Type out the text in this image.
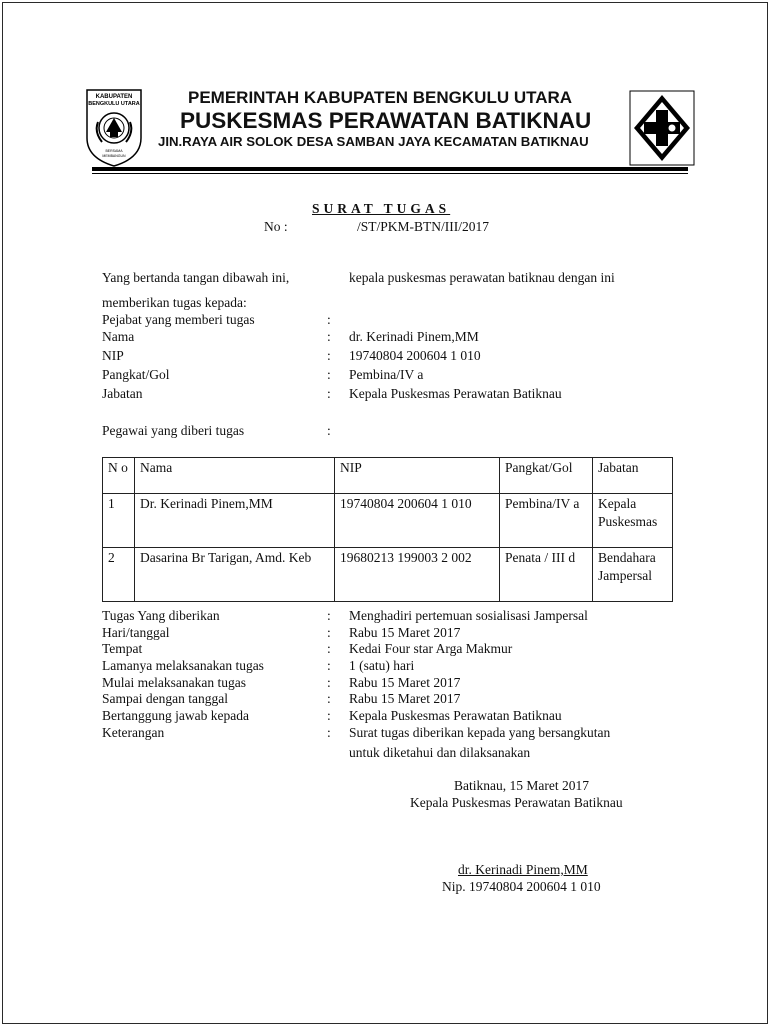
KABUPATEN
BENGKULU UTARA
BERSAMA
MEMBANGUN
PEMERINTAH KABUPATEN BENGKULU UTARA
PUSKESMAS PERAWATAN BATIKNAU
JIN.RAYA AIR SOLOK DESA SAMBAN JAYA KECAMATAN BATIKNAU
SURAT TUGAS
No :	/ST/PKM-BTN/III/2017
Yang bertanda tangan dibawah ini,	kepala puskesmas perawatan batiknau dengan ini
memberikan tugas kepada:
Pejabat yang memberi tugas	:
Nama	: dr. Kerinadi Pinem,MM
NIP	: 19740804 200604 1 010
Pangkat/Gol	: Pembina/IV a
Jabatan	: Kepala Puskesmas Perawatan Batiknau
Pegawai yang diberi tugas	:
N o	Nama	NIP	Pangkat/Gol	Jabatan
1	Dr. Kerinadi Pinem,MM	19740804 200604 1 010	Pembina/IV a	Kepala Puskesmas
2	Dasarina Br Tarigan, Amd. Keb	19680213 199003 2 002	Penata / III d	Bendahara Jampersal
Tugas Yang diberikan	: Menghadiri pertemuan sosialisasi Jampersal
Hari/tanggal	: Rabu 15 Maret 2017
Tempat	: Kedai Four star Arga Makmur
Lamanya melaksanakan tugas	: 1 (satu) hari
Mulai melaksanakan tugas	: Rabu 15 Maret 2017
Sampai dengan tanggal	: Rabu 15 Maret 2017
Bertanggung jawab kepada	: Kepala Puskesmas Perawatan Batiknau
Keterangan	: Surat tugas diberikan kepada yang bersangkutan
untuk diketahui dan dilaksanakan
Batiknau, 15 Maret 2017
Kepala Puskesmas Perawatan Batiknau
dr. Kerinadi Pinem,MM
Nip. 19740804 200604 1 010
